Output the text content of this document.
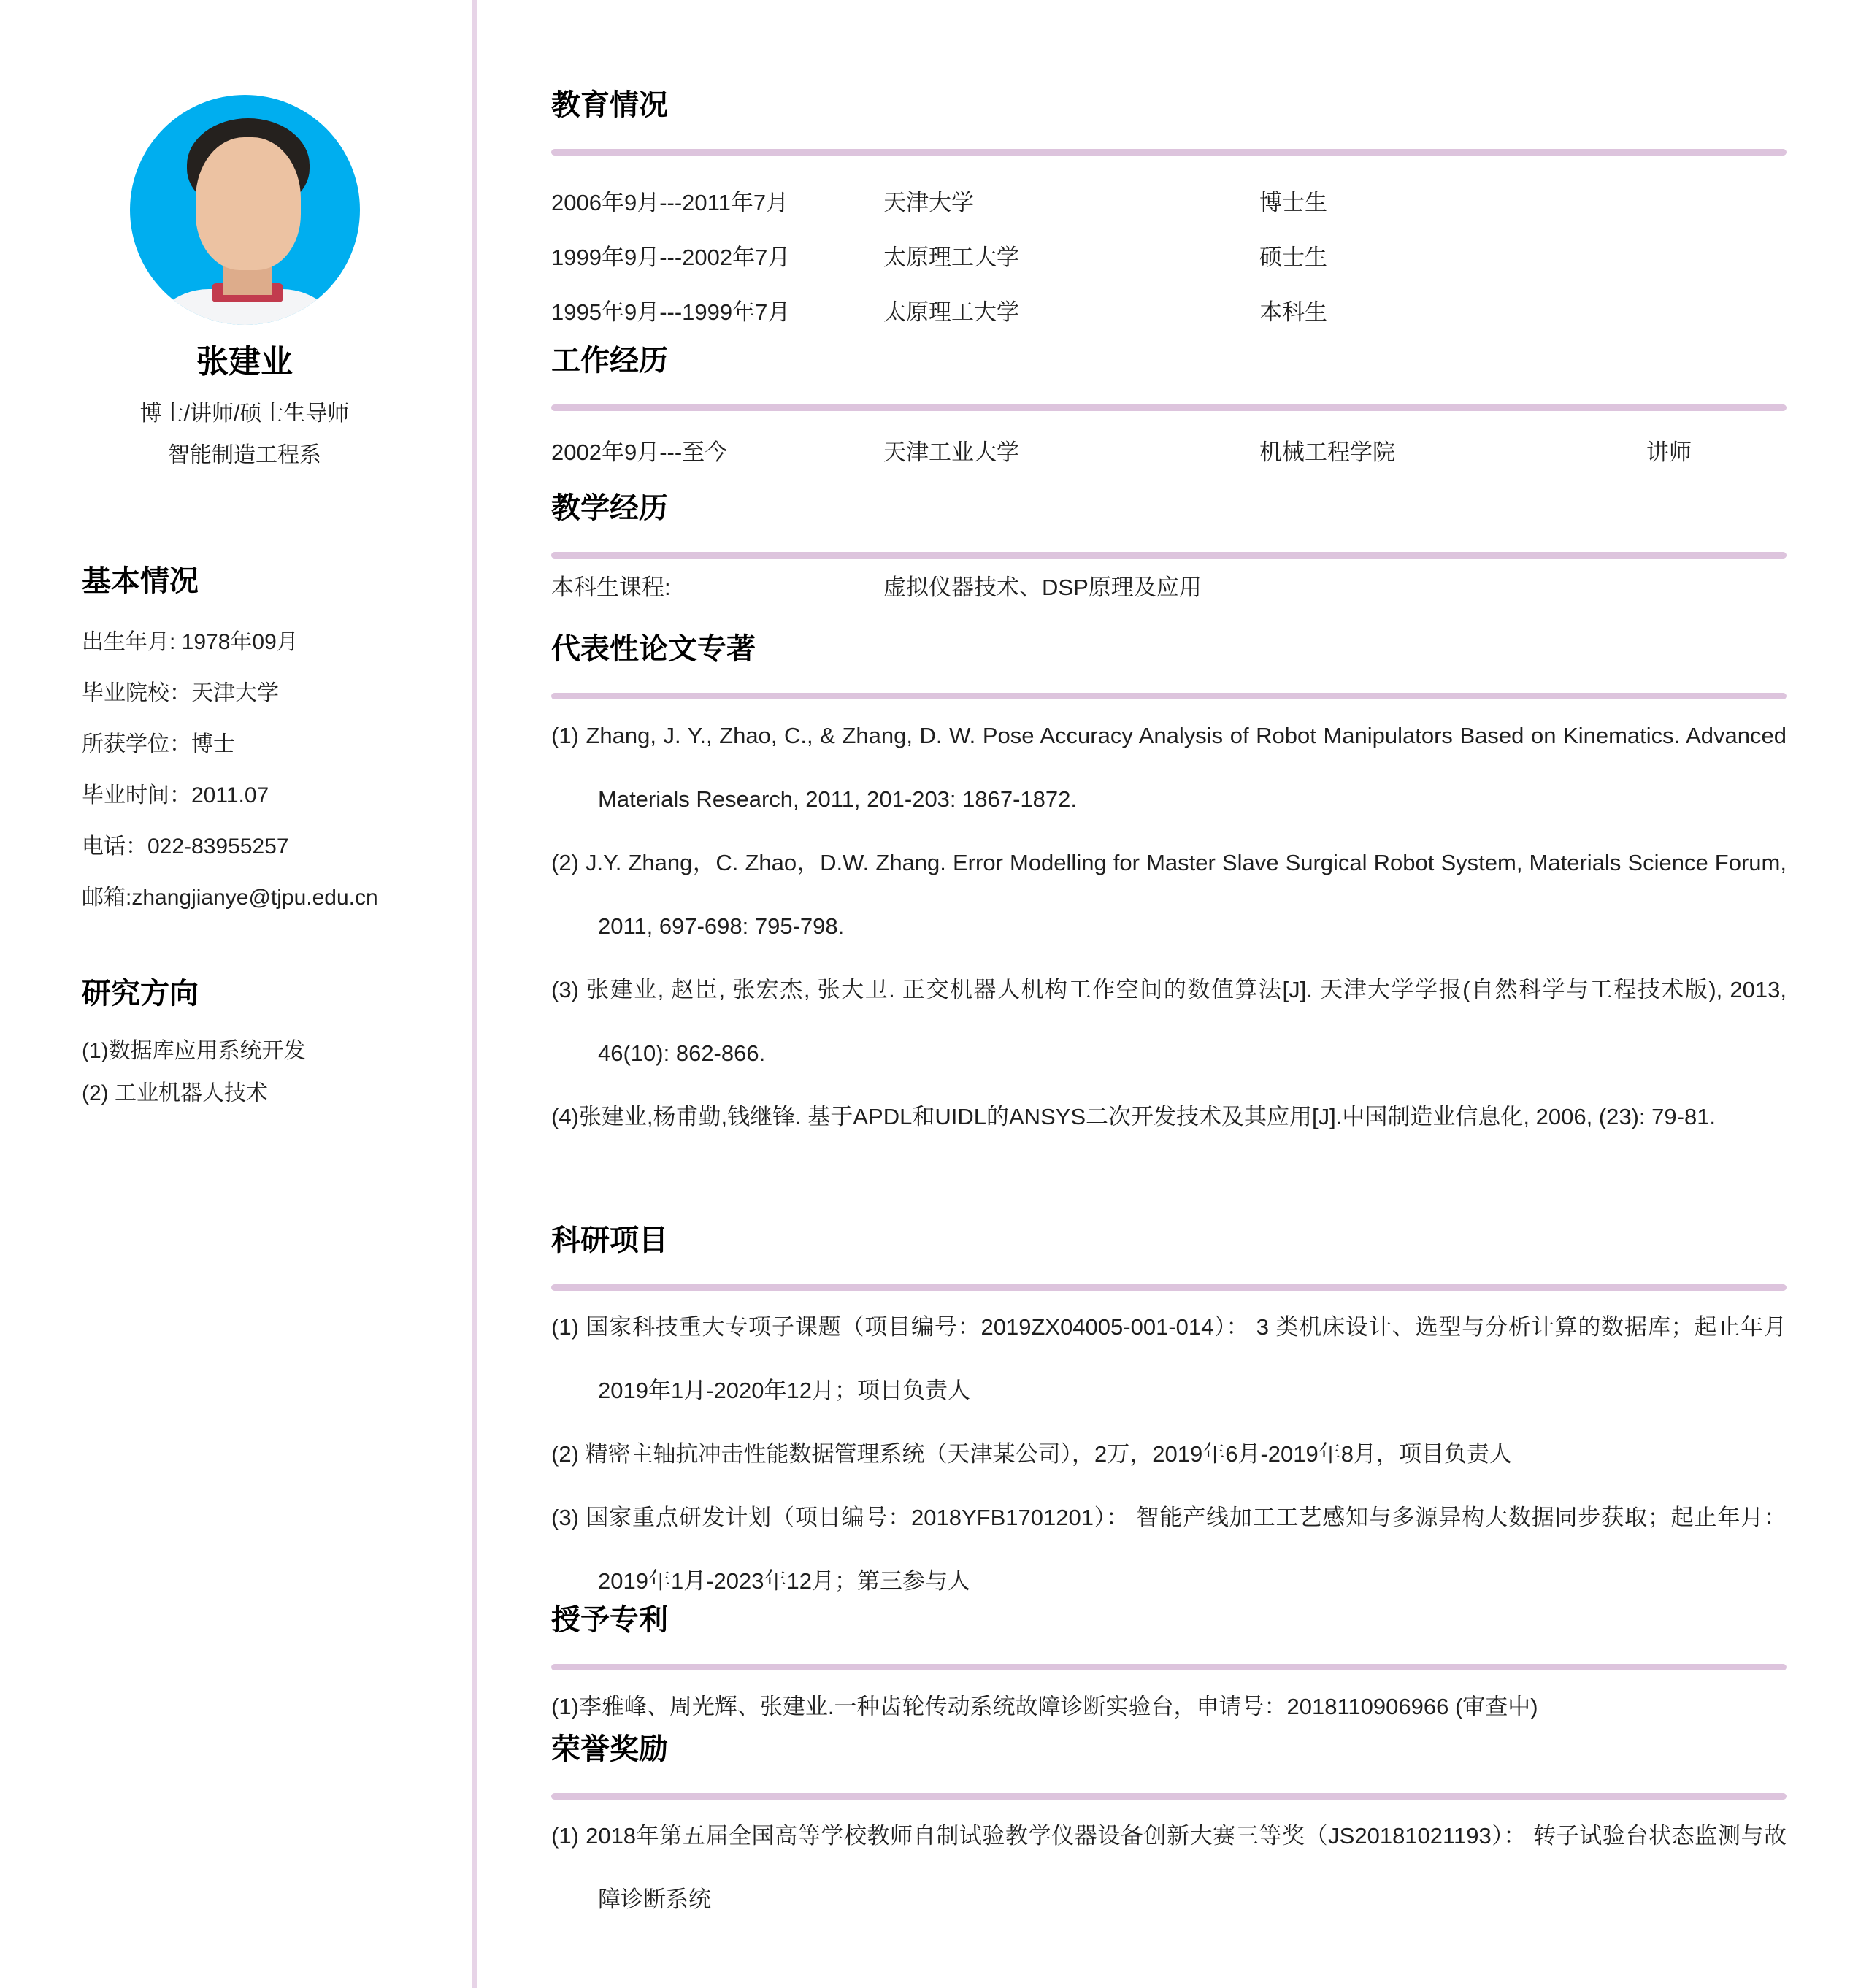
张建业
博士/讲师/硕士生导师
智能制造工程系
基本情况
出生年月: 1978年09月
毕业院校：天津大学
所获学位：博士
毕业时间：2011.07
电话：022-83955257
邮箱:zhangjianye@tjpu.edu.cn
研究方向
(1)数据库应用系统开发
(2) 工业机器人技术
教育情况
2006年9月---2011年7月	天津大学	博士生
1999年9月---2002年7月	太原理工大学	硕士生
1995年9月---1999年7月	太原理工大学	本科生
工作经历
2002年9月---至今	天津工业大学	机械工程学院	讲师
教学经历
本科生课程:	虚拟仪器技术、DSP原理及应用
代表性论文专著

(1) Zhang, J. Y., Zhao, C., & Zhang, D. W. Pose Accuracy Analysis of Robot Manipulators Based on Kinematics. Advanced Materials Research, 2011, 201-203: 1867-1872.

(2) J.Y. Zhang，C. Zhao，D.W. Zhang. Error Modelling for Master Slave Surgical Robot System, Materials Science Forum, 2011, 697-698: 795-798.

(3) 张建业, 赵臣, 张宏杰, 张大卫. 正交机器人机构工作空间的数值算法[J]. 天津大学学报(自然科学与工程技术版), 2013, 46(10): 862-866.

(4)张建业,杨甫勤,钱继锋. 基于APDL和UIDL的ANSYS二次开发技术及其应用[J].中国制造业信息化, 2006, (23): 79-81.

科研项目

(1) 国家科技重大专项子课题（项目编号：2019ZX04005-001-014）： 3 类机床设计、选型与分析计算的数据库；起止年月2019年1月-2020年12月；项目负责人

(2) 精密主轴抗冲击性能数据管理系统（天津某公司），2万，2019年6月-2019年8月，项目负责人

(3) 国家重点研发计划（项目编号：2018YFB1701201）： 智能产线加工工艺感知与多源异构大数据同步获取；起止年月：2019年1月-2023年12月；第三参与人

授予专利

(1)李雅峰、周光辉、张建业.一种齿轮传动系统故障诊断实验台，申请号：2018110906966 (审查中)

荣誉奖励

(1) 2018年第五届全国高等学校教师自制试验教学仪器设备创新大赛三等奖（JS20181021193）： 转子试验台状态监测与故障诊断系统
